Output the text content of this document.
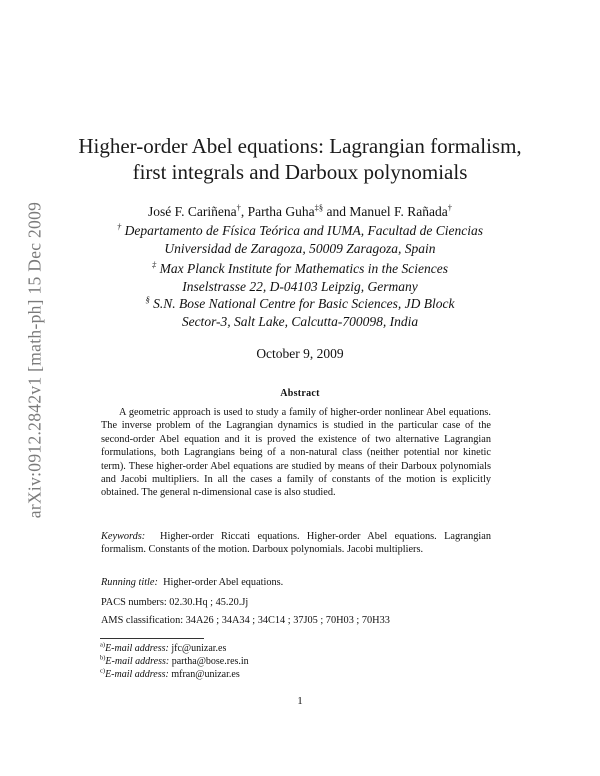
arXiv:0912.2842v1 [math-ph] 15 Dec 2009
Higher-order Abel equations: Lagrangian formalism,
first integrals and Darboux polynomials
José F. Cariñena†, Partha Guha‡§ and Manuel F. Rañada†
† Departamento de Física Teórica and IUMA, Facultad de Ciencias
Universidad de Zaragoza, 50009 Zaragoza, Spain
‡ Max Planck Institute for Mathematics in the Sciences
Inselstrasse 22, D-04103 Leipzig, Germany
§ S.N. Bose National Centre for Basic Sciences, JD Block
Sector-3, Salt Lake, Calcutta-700098, India
October 9, 2009
Abstract

A geometric approach is used to study a family of higher-order nonlinear Abel equations. The inverse problem of the Lagrangian dynamics is studied in the particular case of the second-order Abel equation and it is proved the existence of two alternative Lagrangian formulations, both Lagrangians being of a non-natural class (neither potential nor kinetic term). These higher-order Abel equations are studied by means of their Darboux polynomials and Jacobi multipliers. In all the cases a family of constants of the motion is explicitly obtained. The general n-dimensional case is also studied.

Keywords: Higher-order Riccati equations. Higher-order Abel equations. Lagrangian formalism. Constants of the motion. Darboux polynomials. Jacobi multipliers.

Running title: Higher-order Abel equations.

PACS numbers: 02.30.Hq ; 45.20.Jj
AMS classification: 34A26 ; 34A34 ; 34C14 ; 37J05 ; 70H03 ; 70H33
$^{a)}$E-mail address: jfc@unizar.es
$^{b)}$E-mail address: partha@bose.res.in
$^{c)}$E-mail address: mfran@unizar.es
1
